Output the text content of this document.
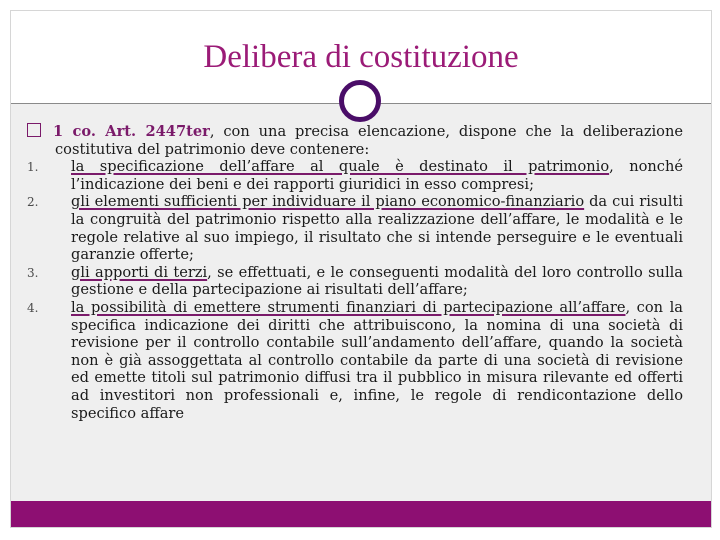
Delibera di costituzione

1 co. Art. 2447ter, con una precisa elencazione, dispone che la deliberazione costitutiva del patrimonio deve contenere:

1. la specificazione dell’affare al quale è destinato il patrimonio, nonché l’indicazione dei beni e dei rapporti giuridici in esso compresi;
2. gli elementi sufficienti per individuare il piano economico-finanziario da cui risulti la congruità del patrimonio rispetto alla realizzazione dell’affare, le modalità e le regole relative al suo impiego, il risultato che si intende perseguire e le eventuali garanzie offerte;
3. gli apporti di terzi, se effettuati, e le conseguenti modalità del loro controllo sulla gestione e della partecipazione ai risultati dell’affare;
4. la possibilità di emettere strumenti finanziari di partecipazione all’affare, con la specifica indicazione dei diritti che attribuiscono, la nomina di una società di revisione per il controllo contabile sull’andamento dell’affare, quando la società non è già assoggettata al controllo contabile da parte di una società di revisione ed emette titoli sul patrimonio diffusi tra il pubblico in misura rilevante ed offerti ad investitori non professionali e, infine, le regole di rendicontazione dello specifico affare
